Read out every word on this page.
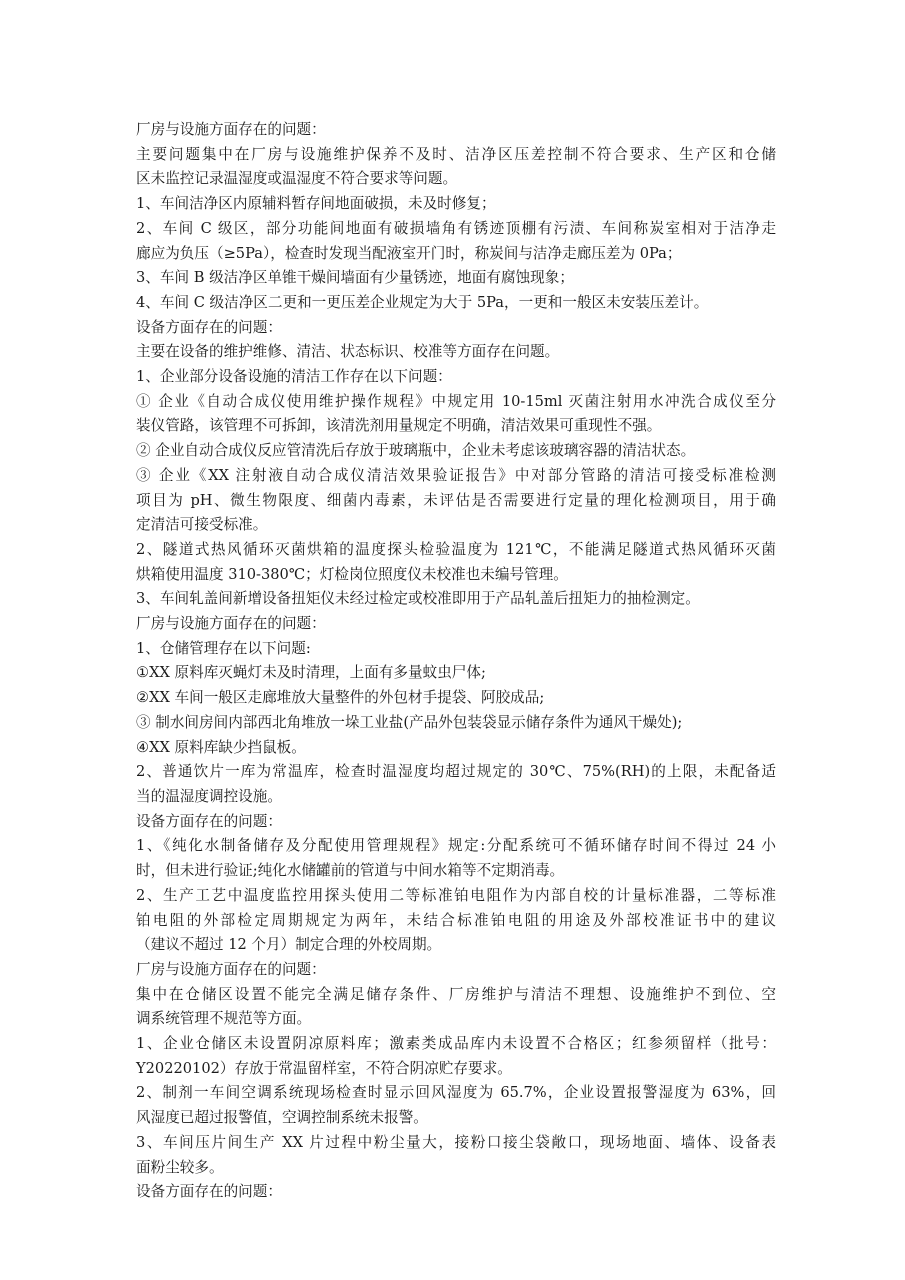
厂房与设施方面存在的问题：

主要问题集中在厂房与设施维护保养不及时、洁净区压差控制不符合要求、生产区和仓储

区未监控记录温湿度或温湿度不符合要求等问题。

1、车间洁净区内原辅料暂存间地面破损，未及时修复；

2、车间 C 级区，部分功能间地面有破损墙角有锈迹顶棚有污渍、车间称炭室相对于洁净走

廊应为负压（≥5Pa），检查时发现当配液室开门时，称炭间与洁净走廊压差为 0Pa；

3、车间 B 级洁净区单锥干燥间墙面有少量锈迹，地面有腐蚀现象；

4、车间 C 级洁净区二更和一更压差企业规定为大于 5Pa，一更和一般区未安装压差计。

设备方面存在的问题：

主要在设备的维护维修、清洁、状态标识、校准等方面存在问题。

1、企业部分设备设施的清洁工作存在以下问题：

① 企业《自动合成仪使用维护操作规程》中规定用 10-15ml 灭菌注射用水冲洗合成仪至分

装仪管路，该管理不可拆卸，该清洗剂用量规定不明确，清洁效果可重现性不强。

② 企业自动合成仪反应管清洗后存放于玻璃瓶中，企业未考虑该玻璃容器的清洁状态。

③ 企业《XX 注射液自动合成仪清洁效果验证报告》中对部分管路的清洁可接受标准检测

项目为 pH、微生物限度、细菌内毒素，未评估是否需要进行定量的理化检测项目，用于确

定清洁可接受标准。

2、隧道式热风循环灭菌烘箱的温度探头检验温度为 121℃，不能满足隧道式热风循环灭菌

烘箱使用温度 310-380℃；灯检岗位照度仪未校准也未编号管理。

3、车间轧盖间新增设备扭矩仪未经过检定或校准即用于产品轧盖后扭矩力的抽检测定。

厂房与设施方面存在的问题：

1、仓储管理存在以下问题:

①XX 原料库灭蝇灯未及时清理，上面有多量蚊虫尸体;

②XX 车间一般区走廊堆放大量整件的外包材手提袋、阿胶成品;

③ 制水间房间内部西北角堆放一垛工业盐(产品外包装袋显示储存条件为通风干燥处);

④XX 原料库缺少挡鼠板。

2、普通饮片一库为常温库，检查时温湿度均超过规定的 30℃、75%(RH)的上限，未配备适

当的温湿度调控设施。

设备方面存在的问题：

1、《纯化水制备储存及分配使用管理规程》规定:分配系统可不循环储存时间不得过 24 小

时，但未进行验证;纯化水储罐前的管道与中间水箱等不定期消毒。

2、生产工艺中温度监控用探头使用二等标准铂电阻作为内部自校的计量标准器，二等标准

铂电阻的外部检定周期规定为两年，未结合标准铂电阻的用途及外部校准证书中的建议

（建议不超过 12 个月）制定合理的外校周期。

厂房与设施方面存在的问题：

集中在仓储区设置不能完全满足储存条件、厂房维护与清洁不理想、设施维护不到位、空

调系统管理不规范等方面。

1、企业仓储区未设置阴凉原料库；激素类成品库内未设置不合格区；红参须留样（批号：

Y20220102）存放于常温留样室，不符合阴凉贮存要求。

2、制剂一车间空调系统现场检查时显示回风湿度为 65.7%，企业设置报警湿度为 63%，回

风湿度已超过报警值，空调控制系统未报警。

3、车间压片间生产 XX 片过程中粉尘量大，接粉口接尘袋敞口，现场地面、墙体、设备表

面粉尘较多。

设备方面存在的问题：
